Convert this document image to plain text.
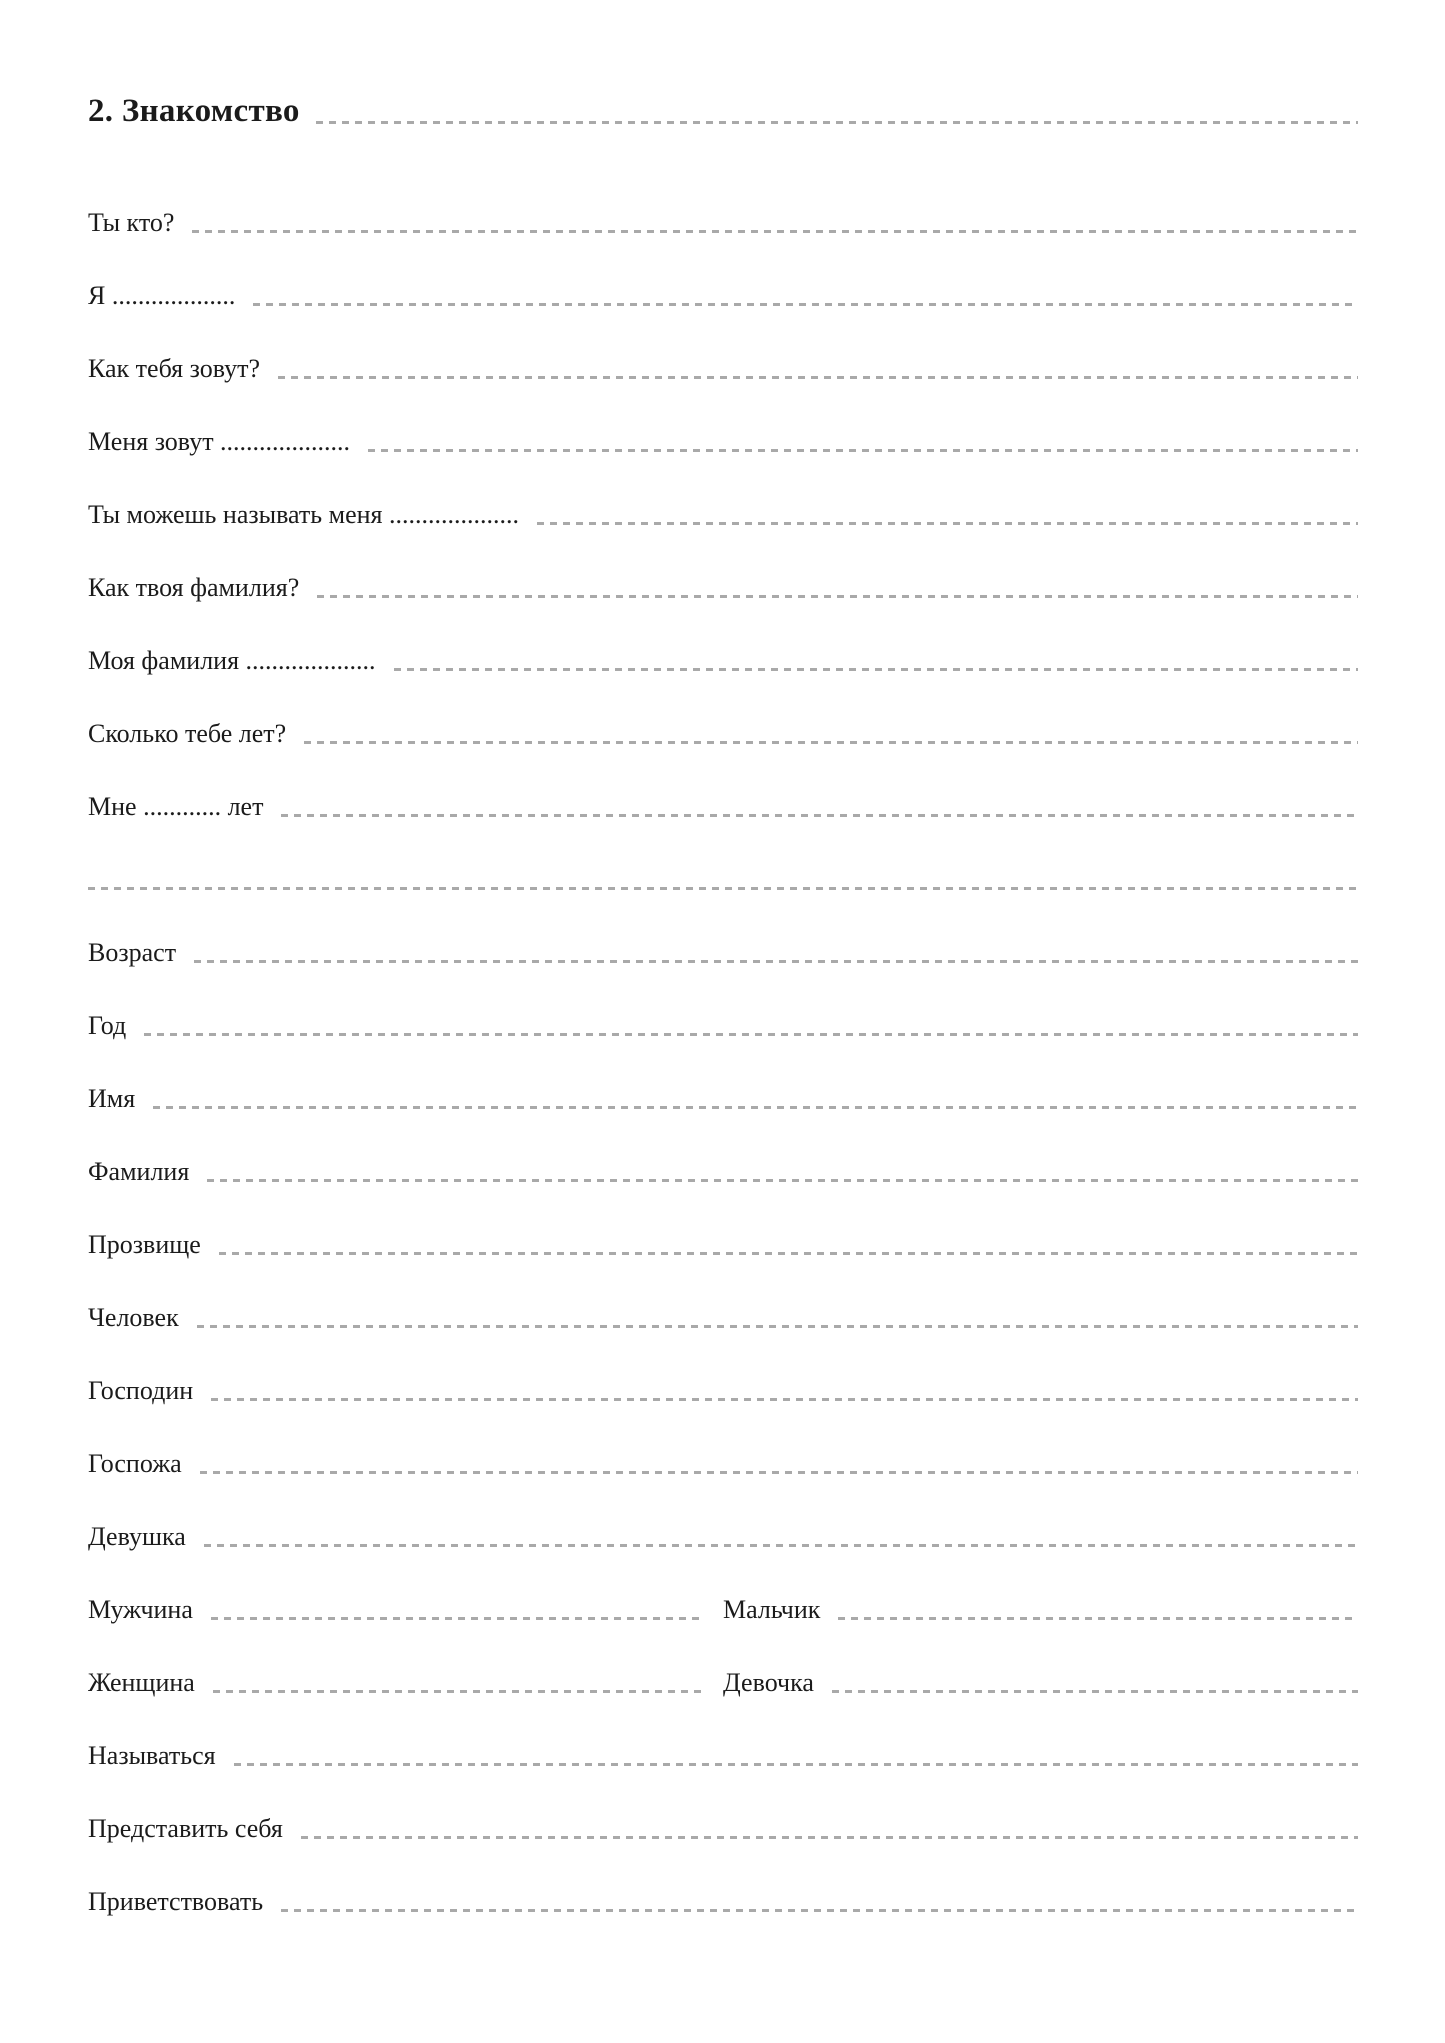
2. Знакомство
Ты кто?
Я ...................
Как тебя зовут?
Меня зовут ....................
Ты можешь называть меня ....................
Как твоя фамилия?
Моя фамилия ....................
Сколько тебе лет?
Мне ............ лет
Возраст
Год
Имя
Фамилия
Прозвище
Человек
Господин
Госпожа
Девушка
Мужчина	Мальчик
Женщина	Девочка
Называться
Представить себя
Приветствовать
